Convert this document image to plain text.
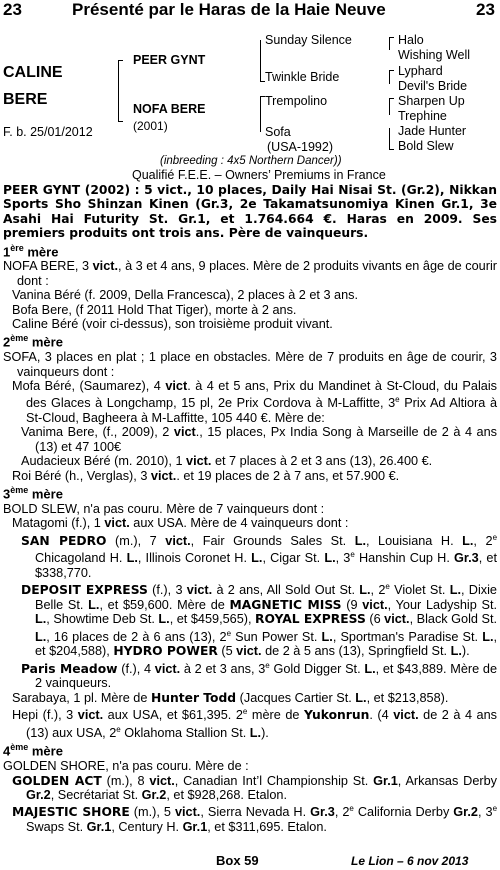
23	Présenté par le Haras de la Haie Neuve	23
CALINE
BERE
F. b. 25/01/2012
PEER GYNT
NOFA BERE
(2001)
Sunday Silence
Twinkle Bride
Trempolino
Sofa
(USA-1992)
Halo
Wishing Well
Lyphard
Devil's Bride
Sharpen Up
Trephine
Jade Hunter
Bold Slew
(inbreeding : 4x5 Northern Dancer))
Qualifié F.E.E. – Owners’ Premiums in France

PEER GYNT (2002) : 5 vict., 10 places, Daily Hai Nisai St. (Gr.2), Nikkan Sports Sho Shinzan Kinen (Gr.3, 2e Takamatsunomiya Kinen Gr.1, 3e Asahi Hai Futurity St. Gr.1, et 1.764.664 €. Haras en 2009. Ses premiers produits ont trois ans. Père de vainqueurs.

1ère mère

NOFA BERE, 3 vict., à 3 et 4 ans, 9 places. Mère de 2 produits vivants en âge de courir dont :

Vanina Béré (f. 2009, Della Francesca), 2 places à 2 et 3 ans.

Bofa Bere, (f 2011 Hold That Tiger), morte à 2 ans.

Caline Béré (voir ci-dessus), son troisième produit vivant.

2ème mère

SOFA, 3 places en plat ; 1 place en obstacles. Mère de 7 produits en âge de courir, 3 vainqueurs dont :

Mofa Béré, (Saumarez), 4 vict. à 4 et 5 ans, Prix du Mandinet à St-Cloud, du Palais des Glaces à Longchamp, 15 pl, 2e Prix Cordova à M-Laffitte, 3e Prix Ad Altiora à St-Cloud, Bagheera à M-Laffitte, 105 440 €. Mère de:

Vanima Bere, (f., 2009), 2 vict., 15 places, Px India Song à Marseille de 2 à 4 ans (13) et 47 100€

Audacieux Béré (m. 2010), 1 vict. et 7 places à 2 et 3 ans (13), 26.400 €.

Roi Béré (h., Verglas), 3 vict.. et 19 places de 2 à 7 ans, et 57.900 €.

3ème mère

BOLD SLEW, n'a pas couru. Mère de 7 vainqueurs dont :

Matagomi (f.), 1 vict. aux USA. Mère de 4 vainqueurs dont :

SAN PEDRO (m.), 7 vict., Fair Grounds Sales St. L., Louisiana H. L., 2e Chicagoland H. L., Illinois Coronet H. L., Cigar St. L., 3e Hanshin Cup H. Gr.3, et $338,770.

DEPOSIT EXPRESS (f.), 3 vict. à 2 ans, All Sold Out St. L., 2e Violet St. L., Dixie Belle St. L., et $59,600. Mère de MAGNETIC MISS (9 vict., Your Ladyship St. L., Showtime Deb St. L., et $459,565), ROYAL EXPRESS (6 vict., Black Gold St. L., 16 places de 2 à 6 ans (13), 2e Sun Power St. L., Sportman's Paradise St. L., et $204,588), HYDRO POWER (5 vict. de 2 à 5 ans (13), Springfield St. L.).

Paris Meadow (f.), 4 vict. à 2 et 3 ans, 3e Gold Digger St. L., et $43,889. Mère de 2 vainqueurs.

Sarabaya, 1 pl. Mère de Hunter Todd (Jacques Cartier St. L., et $213,858).

Hepi (f.), 3 vict. aux USA, et $61,395. 2e mère de Yukonrun. (4 vict. de 2 à 4 ans (13) aux USA, 2e Oklahoma Stallion St. L.).

4ème mère

GOLDEN SHORE, n'a pas couru. Mère de :

GOLDEN ACT (m.), 8 vict., Canadian Int’l Championship St. Gr.1, Arkansas Derby Gr.2, Secrétariat St. Gr.2, et $928,268. Etalon.

MAJESTIC SHORE (m.), 5 vict., Sierra Nevada H. Gr.3, 2e California Derby Gr.2, 3e Swaps St. Gr.1, Century H. Gr.1, et $311,695. Etalon.

Box 59	Le Lion – 6 nov 2013
